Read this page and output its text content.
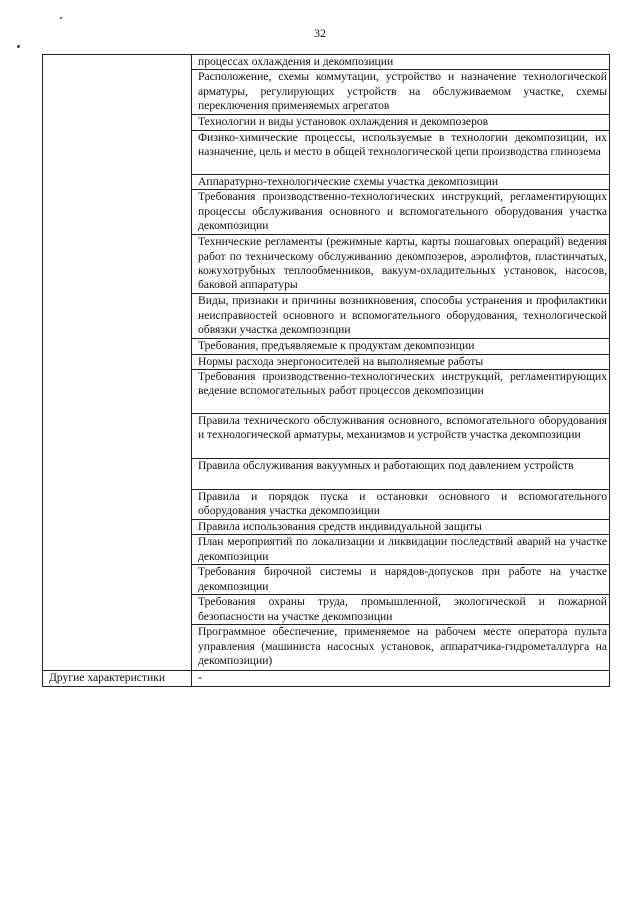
32
	процессах охлаждения и декомпозиции
	Расположение, схемы коммутации, устройство и назначение технологической арматуры, регулирующих устройств на обслуживаемом участке, схемы переключения применяемых агрегатов
	Технологии и виды установок охлаждения и декомпозеров
	Физико-химические процессы, используемые в технологии декомпозиции, их назначение, цель и место в общей технологической цепи производства глинозема
	Аппаратурно-технологические схемы участка декомпозиции
	Требования производственно-технологических инструкций, регламентирующих процессы обслуживания основного и вспомогательного оборудования участка декомпозиции
	Технические регламенты (режимные карты, карты пошаговых операций) ведения работ по техническому обслуживанию декомпозеров, аэролифтов, пластинчатых, кожухотрубных теплообменников, вакуум-охладительных установок, насосов, баковой аппаратуры
	Виды, признаки и причины возникновения, способы устранения и профилактики неисправностей основного и вспомогательного оборудования, технологической обвязки участка декомпозиции
	Требования, предъявляемые к продуктам декомпозиции
	Нормы расхода энергоносителей на выполняемые работы
	Требования производственно-технологических инструкций, регламентирующих ведение вспомогательных работ процессов декомпозиции
	Правила технического обслуживания основного, вспомогательного оборудования и технологической арматуры, механизмов и устройств участка декомпозиции
	Правила обслуживания вакуумных и работающих под давлением устройств
	Правила и порядок пуска и остановки основного и вспомогательного оборудования участка декомпозиции
	Правила использования средств индивидуальной защиты
	План мероприятий по локализации и ликвидации последствий аварий на участке декомпозиции
	Требования бирочной системы и нарядов-допусков при работе на участке декомпозиции
	Требования охраны труда, промышленной, экологической и пожарной безопасности на участке декомпозиции
	Программное обеспечение, применяемое на рабочем месте оператора пульта управления (машиниста насосных установок, аппаратчика-гидрометаллурга на декомпозиции)
Другие характеристики	-
